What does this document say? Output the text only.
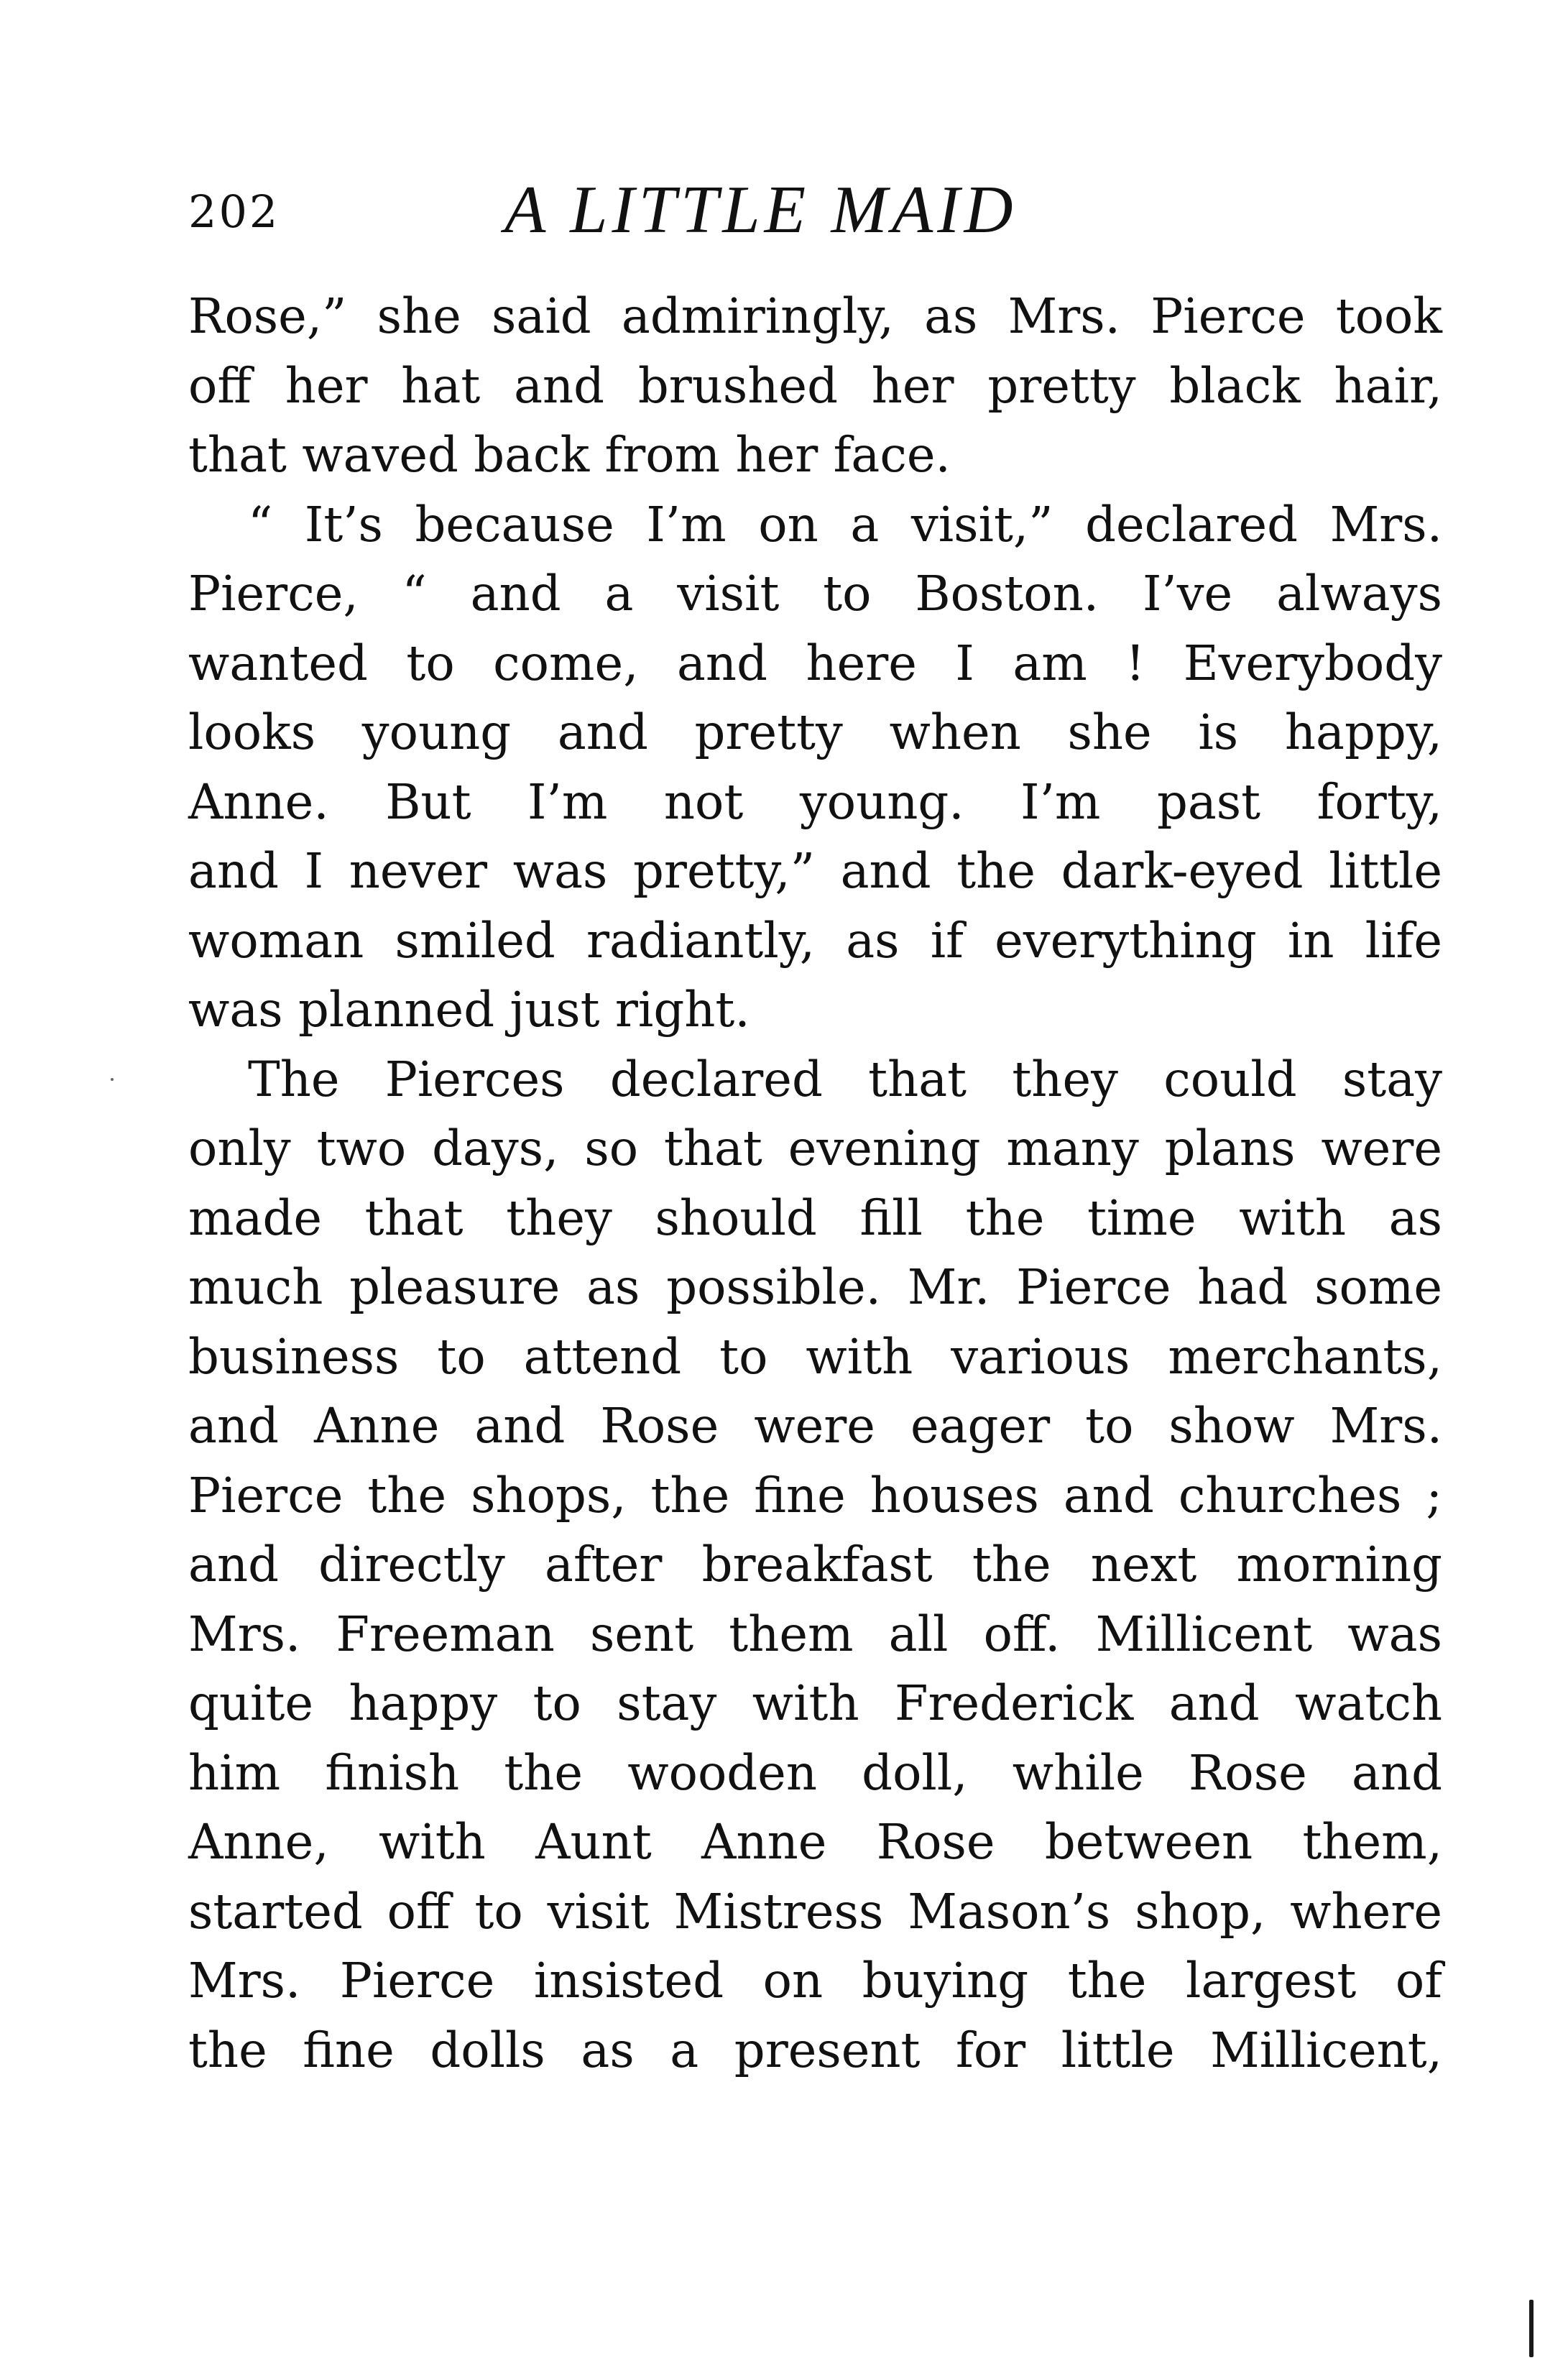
202	A LITTLE MAID
Rose,” she said admiringly, as Mrs. Pierce took
off her hat and brushed her pretty black hair,
that waved back from her face.
“ It’s because I’m on a visit,” declared Mrs.
Pierce, “ and a visit to Boston. I’ve always
wanted to come, and here I am ! Everybody
looks young and pretty when she is happy,
Anne. But I’m not young. I’m past forty,
and I never was pretty,” and the dark-eyed little
woman smiled radiantly, as if everything in life
was planned just right.
The Pierces declared that they could stay
only two days, so that evening many plans were
made that they should fill the time with as
much pleasure as possible. Mr. Pierce had some
business to attend to with various merchants,
and Anne and Rose were eager to show Mrs.
Pierce the shops, the fine houses and churches ;
and directly after breakfast the next morning
Mrs. Freeman sent them all off. Millicent was
quite happy to stay with Frederick and watch
him finish the wooden doll, while Rose and
Anne, with Aunt Anne Rose between them,
started off to visit Mistress Mason’s shop, where
Mrs. Pierce insisted on buying the largest of
the fine dolls as a present for little Millicent,
